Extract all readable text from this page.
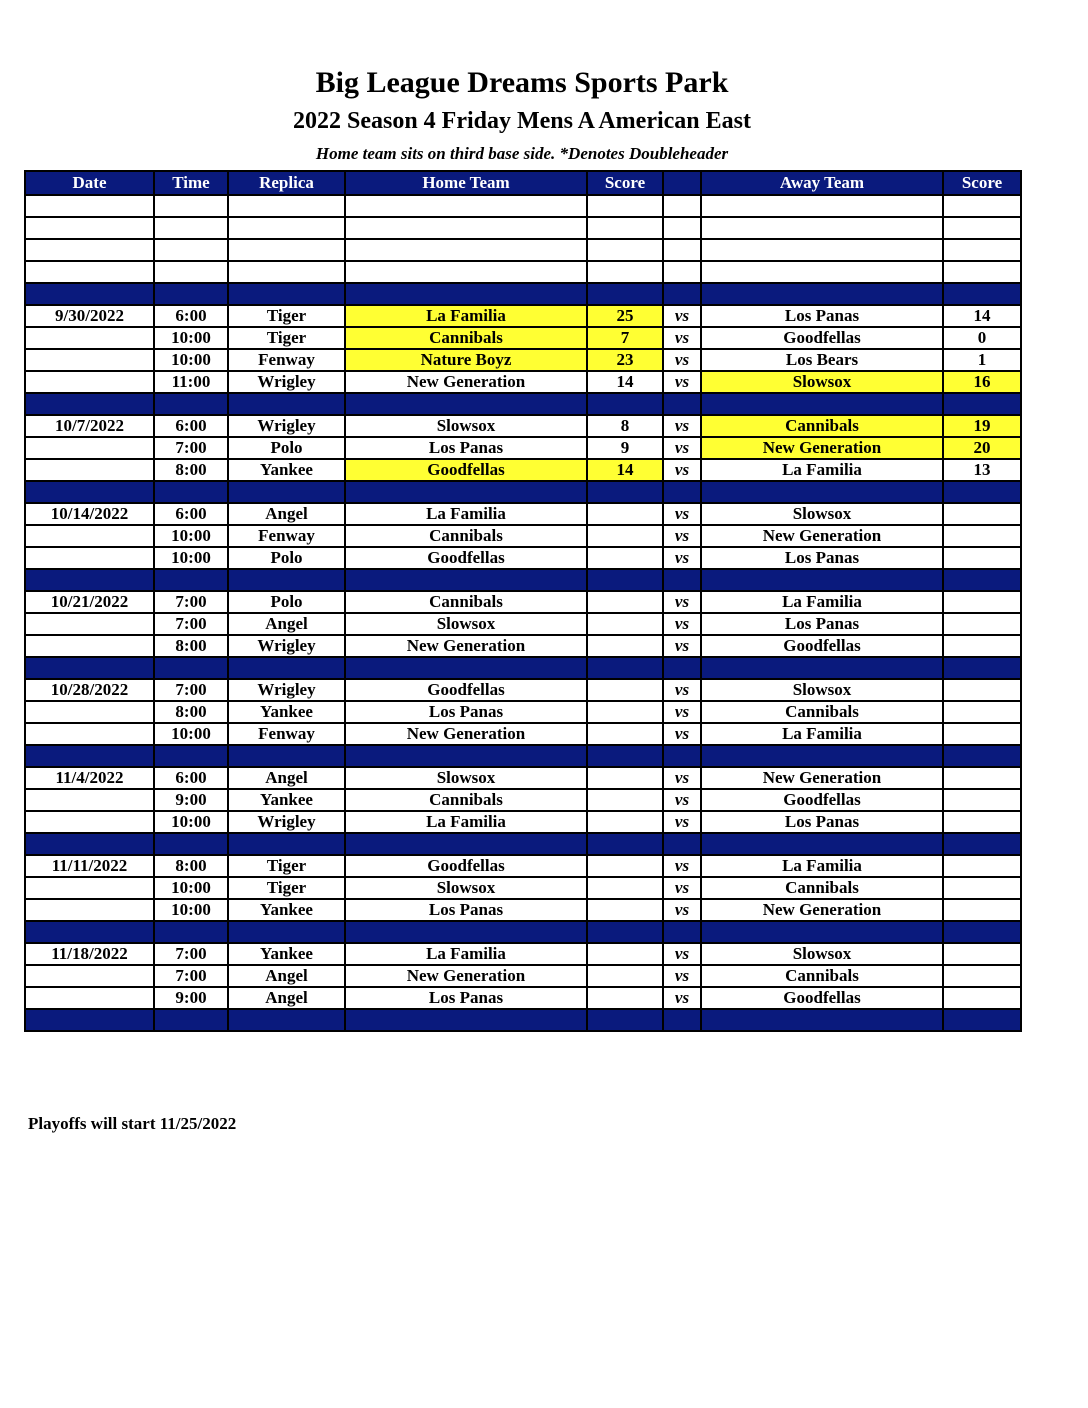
Big League Dreams Sports Park
2022 Season 4 Friday Mens A American East
Home team sits on third base side. *Denotes Doubleheader
Date	Time	Replica	Home Team	Score		Away Team	Score

9/30/2022	6:00	Tiger	La Familia	25	vs	Los Panas	14
	10:00	Tiger	Cannibals	7	vs	Goodfellas	0
	10:00	Fenway	Nature Boyz	23	vs	Los Bears	1
	11:00	Wrigley	New Generation	14	vs	Slowsox	16

10/7/2022	6:00	Wrigley	Slowsox	8	vs	Cannibals	19
	7:00	Polo	Los Panas	9	vs	New Generation	20
	8:00	Yankee	Goodfellas	14	vs	La Familia	13

10/14/2022	6:00	Angel	La Familia		vs	Slowsox	
	10:00	Fenway	Cannibals		vs	New Generation	
	10:00	Polo	Goodfellas		vs	Los Panas	

10/21/2022	7:00	Polo	Cannibals		vs	La Familia	
	7:00	Angel	Slowsox		vs	Los Panas	
	8:00	Wrigley	New Generation		vs	Goodfellas	

10/28/2022	7:00	Wrigley	Goodfellas		vs	Slowsox	
	8:00	Yankee	Los Panas		vs	Cannibals	
	10:00	Fenway	New Generation		vs	La Familia	

11/4/2022	6:00	Angel	Slowsox		vs	New Generation	
	9:00	Yankee	Cannibals		vs	Goodfellas	
	10:00	Wrigley	La Familia		vs	Los Panas	

11/11/2022	8:00	Tiger	Goodfellas		vs	La Familia	
	10:00	Tiger	Slowsox		vs	Cannibals	
	10:00	Yankee	Los Panas		vs	New Generation	

11/18/2022	7:00	Yankee	La Familia		vs	Slowsox	
	7:00	Angel	New Generation		vs	Cannibals	
	9:00	Angel	Los Panas		vs	Goodfellas	

Playoffs will start 11/25/2022
